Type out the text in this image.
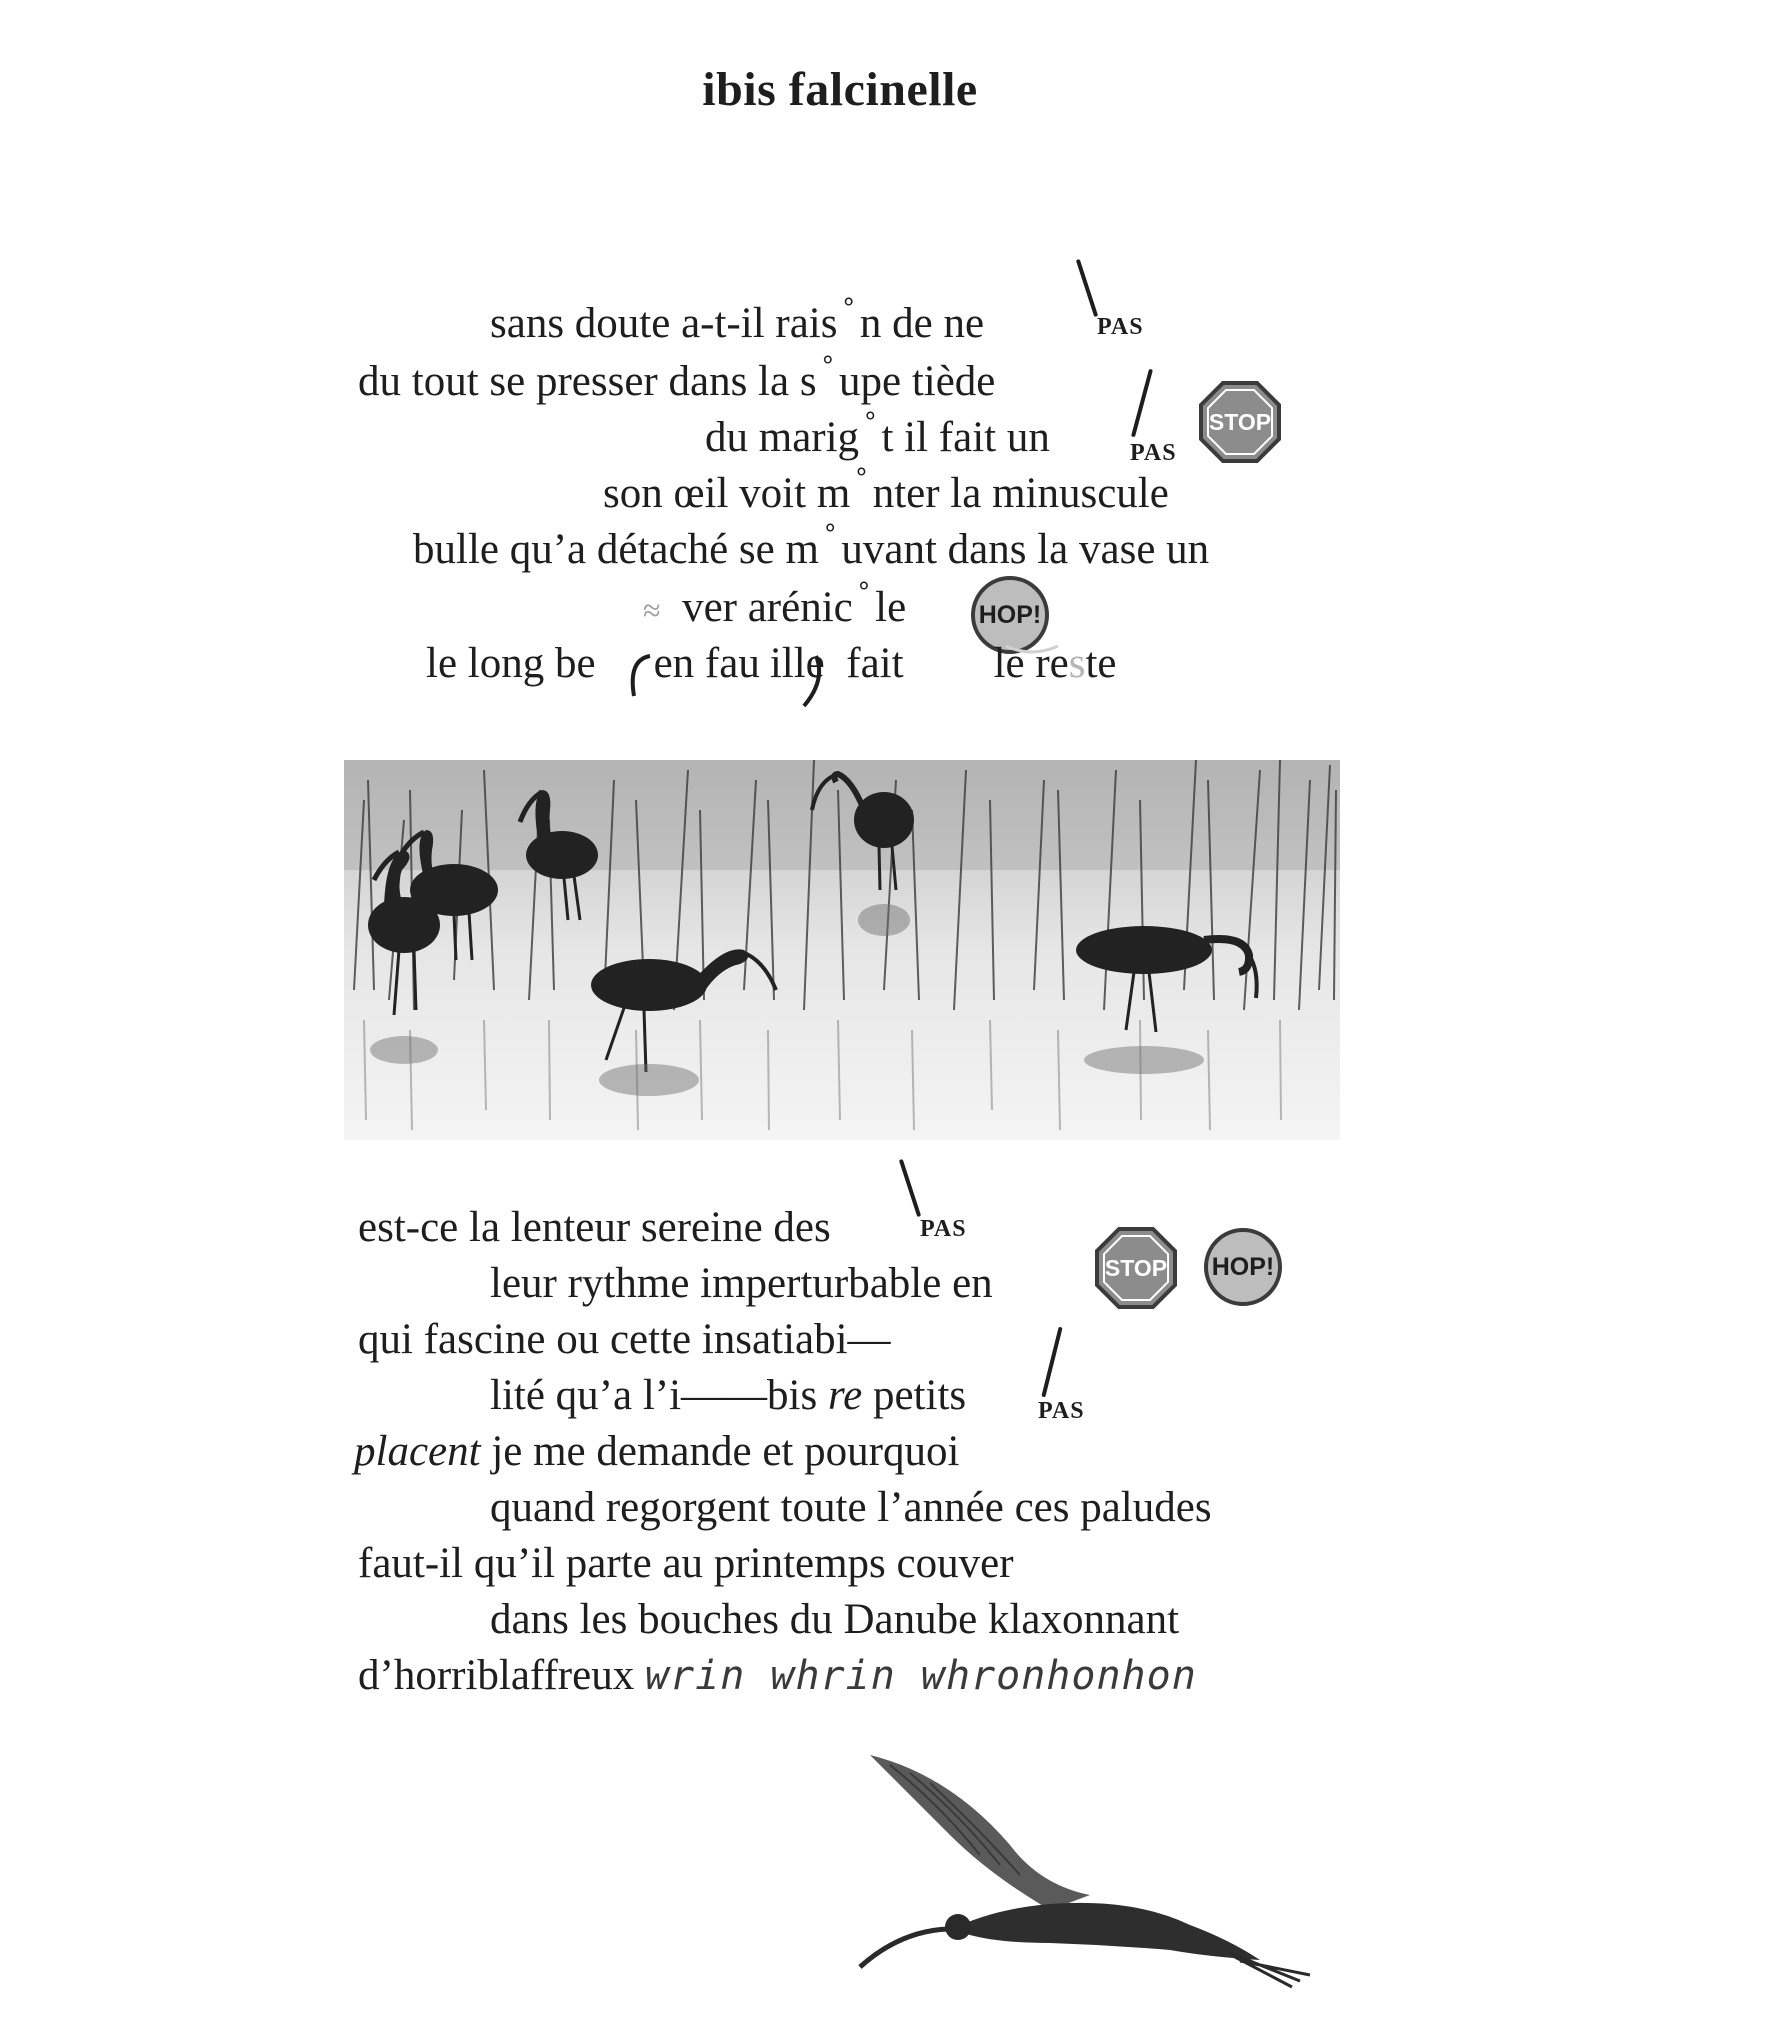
ibis falcinelle
sans doute a-t-il rais ° n de ne	PAS
du tout se presser dans la s ° upe tiède
du marig ° t il fait un	PAS
STOP
son œil voit m ° nter la minuscule
bulle qu’a détaché se m ° uvant dans la vase un
≈ ver arénic ° le	HOP!
le long be en fau ille  fait le reste
est-ce la lenteur sereine des	PAS
leur rythme imperturbable en	STOP	HOP!
qui fascine ou cette insatiabi—
lité qu’a l’i——bis re petits	PAS
placent je me demande et pourquoi
quand regorgent toute l’année ces paludes
faut-il qu’il parte au printemps couver
dans les bouches du Danube klaxonnant
d’horriblaffreux wrin whrin whronhonhon
